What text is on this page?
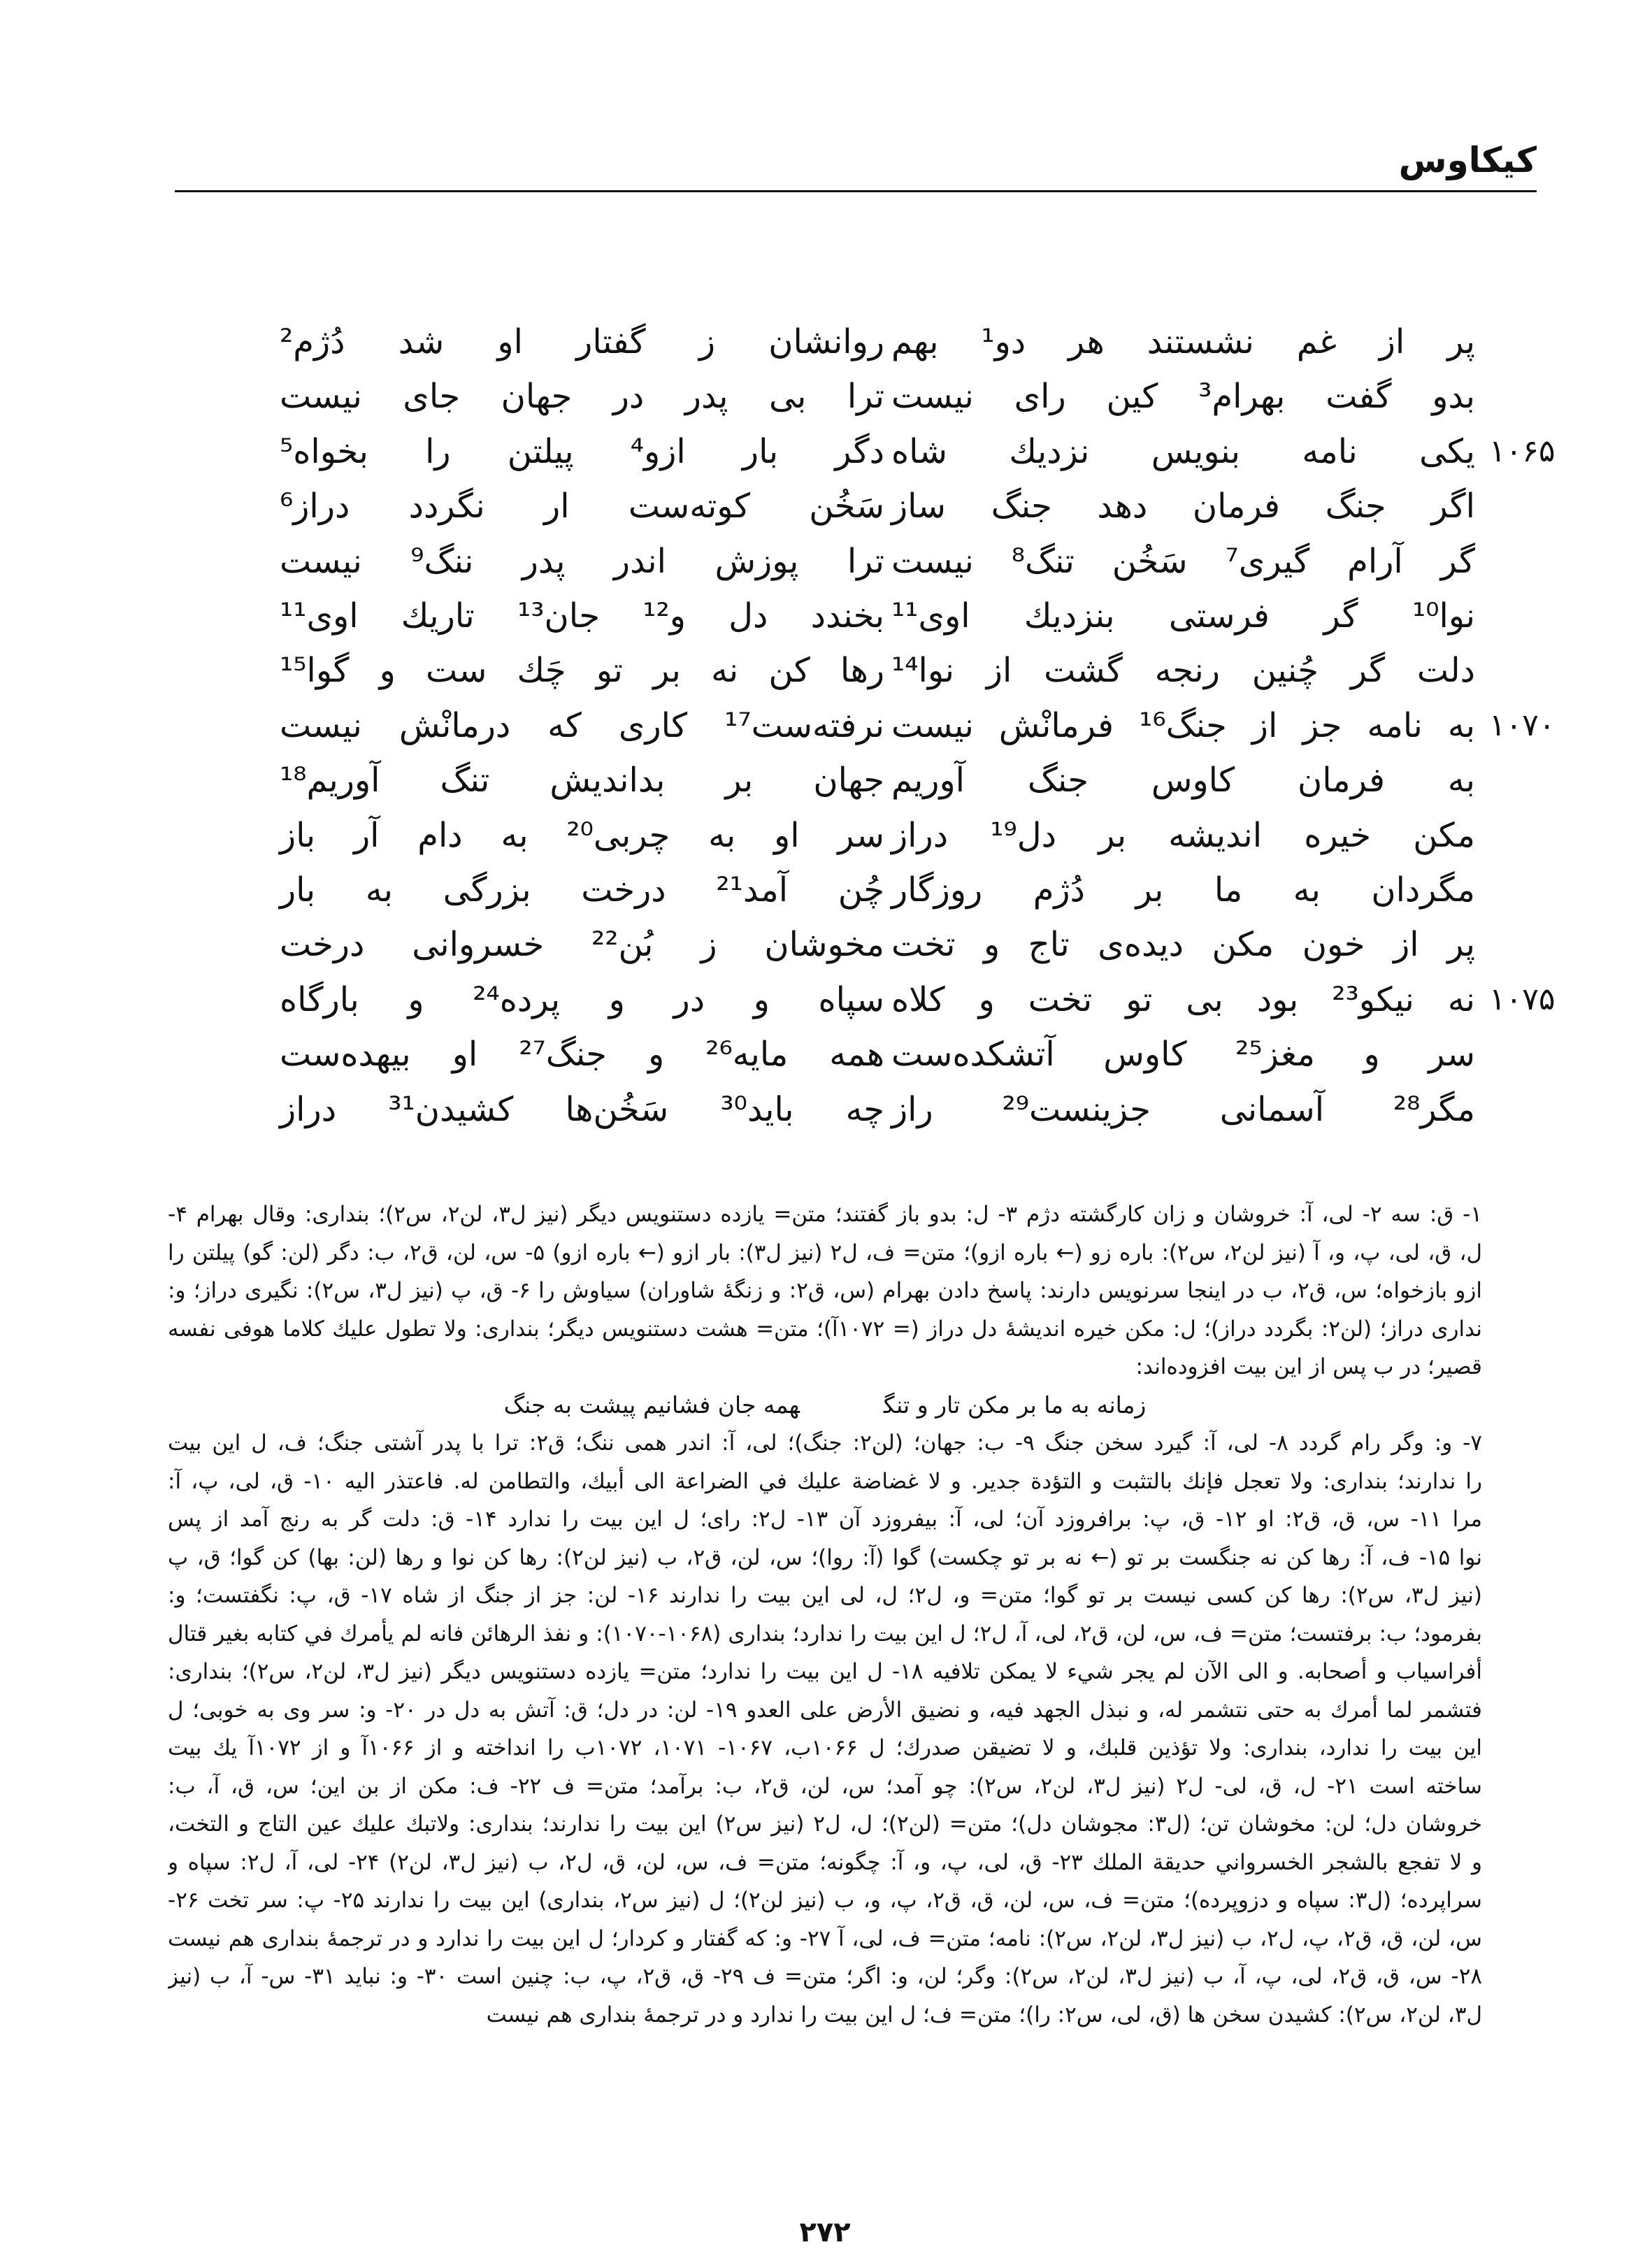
کیکاوس
پر از غم نشستند هر دو¹ بهم
روانشان ز گفتار او شد دُژم²
بدو گفت بهرام³ کین رای نیست
ترا بی پدر در جهان جای نیست
یکی نامه بنویس نزدیك شاه
دگر بار ازو⁴ پیلتن را بخواه⁵	۱۰۶۵
اگر جنگ فرمان دهد جنگ ساز
سَخُن کوته‌ست ار نگردد دراز⁶
گر آرام گیری⁷ سَخُن تنگ⁸ نیست
ترا پوزش اندر پدر ننگ⁹ نیست
نوا¹⁰ گر فرستی بنزدیك اوی¹¹
بخندد دل و¹² جان¹³ تاریك اوی¹¹
دلت گر چُنین رنجه گشت از نوا¹⁴
رها کن نه بر تو چَك ست و گوا¹⁵
به نامه جز از جنگ¹⁶ فرمانْش نیست
نرفته‌ست¹⁷ کاری که درمانْش نیست	۱۰۷۰
به فرمان کاوس جنگ آوریم
جهان بر بداندیش تنگ آوریم¹⁸
مکن خیره اندیشه بر دل¹⁹ دراز
سر او به چربی²⁰ به دام آر باز
مگردان به ما بر دُژم روزگار
چُن آمد²¹ درخت بزرگی به بار
پر از خون مکن دیده‌ی تاج و تخت
مخوشان ز بُن²² خسروانی درخت
نه نیکو²³ بود بی تو تخت و کلاه
سپاه و در و پرده²⁴ و بارگاه	۱۰۷۵
سر و مغز²⁵ کاوس آتشکده‌ست
همه مایه²⁶ و جنگ²⁷ او بیهده‌ست
مگر²⁸ آسمانی جزینست²⁹ راز
چه باید³⁰ سَخُن‌ها کشیدن³¹ دراز
۱- ق: سه ۲- لی، آ: خروشان و زان کارگشته دژم ۳- ل: بدو باز گفتند؛ متن= یازده دستنویس دیگر (نیز ل۳، لن۲، س۲)؛ بنداری: وقال بهرام ۴-
ل، ق، لی، پ، و، آ (نیز لن۲، س۲): باره زو (← باره ازو)؛ متن= ف، ل۲ (نیز ل۳): بار ازو (← باره ازو) ۵- س، لن، ق۲، ب: دگر (لن: گو) پیلتن را
ازو بازخواه؛ س، ق۲، ب در اینجا سرنویس دارند: پاسخ دادن بهرام (س، ق۲: و زنگهٔ شاوران) سیاوش را ۶- ق، پ (نیز ل۳، س۲): نگیری دراز؛ و:
نداری دراز؛ (لن۲: بگردد دراز)؛ ل: مکن خیره اندیشهٔ دل دراز (= ۱۰۷۲آ)؛ متن= هشت دستنویس دیگر؛ بنداری: ولا تطول علیك كلاما هوفی نفسه
قصیر؛ در ب پس از این بیت افزوده‌اند:
زمانه به ما بر مکن تار و تنگهمه جان فشانیم پیشت به جنگ
۷- و: وگر رام گردد ۸- لی، آ: گیرد سخن جنگ ۹- ب: جهان؛ (لن۲: جنگ)؛ لی، آ: اندر همی ننگ؛ ق۲: ترا با پدر آشتی جنگ؛ ف، ل این بیت
را ندارند؛ بنداری: ولا تعجل فإنك بالتثبت و التؤدة جدير. و لا غضاضة عليك في الضراعة الى أبيك، والتطامن له. فاعتذر اليه ۱۰- ق، لی، پ، آ:
مرا ۱۱- س، ق، ق۲: او ۱۲- ق، پ: برافروزد آن؛ لی، آ: بیفروزد آن ۱۳- ل۲: رای؛ ل این بیت را ندارد ۱۴- ق: دلت گر به رنج آمد از پس
نوا ۱۵- ف، آ: رها کن نه جنگست بر تو (← نه بر تو چکست) گوا (آ: روا)؛ س، لن، ق۲، ب (نیز لن۲): رها کن نوا و رها (لن: بها) کن گوا؛ ق، پ
(نیز ل۳، س۲): رها کن کسی نیست بر تو گوا؛ متن= و، ل۲؛ ل، لی این بیت را ندارند ۱۶- لن: جز از جنگ از شاه ۱۷- ق، پ: نگفتست؛ و:
بفرمود؛ ب: برفتست؛ متن= ف، س، لن، ق۲، لی، آ، ل۲؛ ل این بیت را ندارد؛ بنداری (۱۰۶۸-۱۰۷۰): و نفذ الرهائن فانه لم يأمرك في كتابه بغير قتال
أفراسياب و أصحابه. و الى الآن لم يجر شيء لا يمكن تلافيه ۱۸- ل این بیت را ندارد؛ متن= یازده دستنویس دیگر (نیز ل۳، لن۲، س۲)؛ بنداری:
فتشمر لما أمرك به حتى نتشمر له، و نبذل الجهد فيه، و نضيق الأرض على العدو ۱۹- لن: در دل؛ ق: آتش به دل در ۲۰- و: سر وی به خوبی؛ ل
این بیت را ندارد، بنداری: ولا تؤذين قلبك، و لا تضيقن صدرك؛ ل ۱۰۶۶ب، ۱۰۶۷- ۱۰۷۱، ۱۰۷۲ب را انداخته و از ۱۰۶۶آ و از ۱۰۷۲آ یك بیت
ساخته است ۲۱- ل، ق، لی- ل۲ (نیز ل۳، لن۲، س۲): چو آمد؛ س، لن، ق۲، ب: برآمد؛ متن= ف ۲۲- ف: مکن از بن این؛ س، ق، آ، ب:
خروشان دل؛ لن: مخوشان تن؛ (ل۳: مجوشان دل)؛ متن= (لن۲)؛ ل، ل۲ (نیز س۲) این بیت را ندارند؛ بنداری: ولاتبك عليك عين التاج و التخت،
و لا تفجع بالشجر الخسرواني حديقة الملك ۲۳- ق، لی، پ، و، آ: چگونه؛ متن= ف، س، لن، ق، ل۲، ب (نیز ل۳، لن۲) ۲۴- لی، آ، ل۲: سپاه و
سراپرده؛ (ل۳: سپاه و دزوپرده)؛ متن= ف، س، لن، ق، ق۲، پ، و، ب (نیز لن۲)؛ ل (نیز س۲، بنداری) این بیت را ندارند ۲۵- پ: سر تخت ۲۶-
س، لن، ق، ق۲، پ، ل۲، ب (نیز ل۳، لن۲، س۲): نامه؛ متن= ف، لی، آ ۲۷- و: که گفتار و کردار؛ ل این بیت را ندارد و در ترجمهٔ بنداری هم نیست
۲۸- س، ق، ق۲، لی، پ، آ، ب (نیز ل۳، لن۲، س۲): وگر؛ لن، و: اگر؛ متن= ف ۲۹- ق، ق۲، پ، ب: چنین است ۳۰- و: نباید ۳۱- س- آ، ب (نیز
ل۳، لن۲، س۲): کشیدن سخن ها (ق، لی، س۲: را)؛ متن= ف؛ ل این بیت را ندارد و در ترجمهٔ بنداری هم نیست
۲۷۲
